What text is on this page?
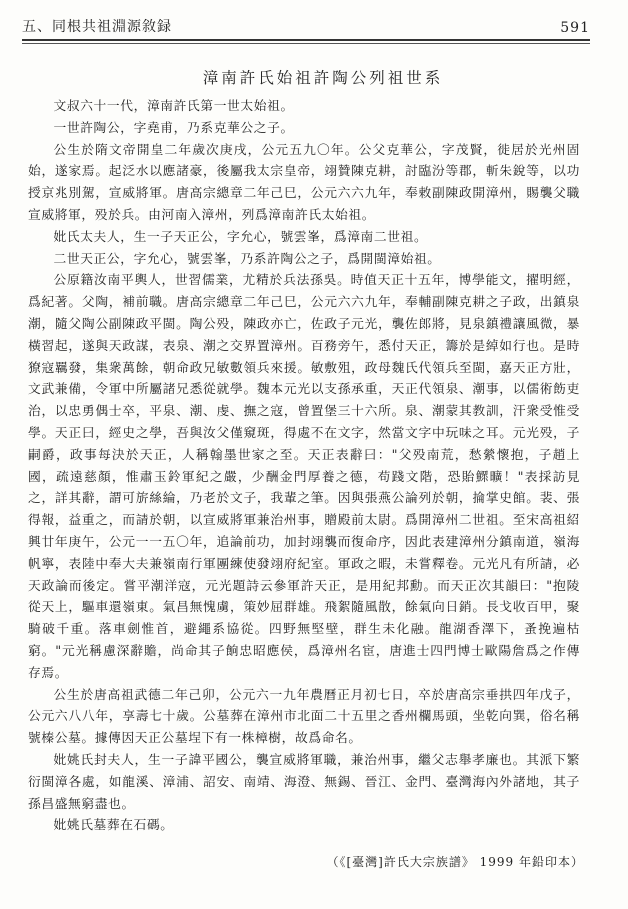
五、同根共祖淵源敘録	591
漳南許氏始祖許陶公列祖世系

文叔六十一代，漳南許氏第一世太始祖。

一世許陶公，字堯甫，乃系克華公之子。

公生於隋文帝開皇二年歲次庚戌，公元五九〇年。公父克華公，字茂賢，徙居於光州固始，遂家焉。起泛水以應諸豪，後屬我太宗皇帝，翊贊陳克耕，討臨汾等郡，斬朱銳等，以功授京兆別駕，宣威將軍。唐高宗總章二年己巳，公元六六九年，奉敕副陳政開漳州，賜襲父職宣威將軍，殁於兵。由河南入漳州，列爲漳南許氏太始祖。

妣氏太夫人，生一子天正公，字允心，號雲峯，爲漳南二世祖。

二世天正公，字允心，號雲峯，乃系許陶公之子，爲開閩漳始祖。

公原籍汝南平輿人，世習儒業，尤精於兵法孫吳。時值天正十五年，博學能文，擢明經，爲紀著。父陶，補前職。唐高宗總章二年己巳，公元六六九年，奉輔副陳克耕之子政，出鎮泉潮，隨父陶公副陳政平閩。陶公殁，陳政亦亡，佐政子元光，襲佐郎將，見泉鎮禮讓風微，暴橫習起，遂與天政謀，表泉、潮之交界置漳州。百務旁午，悉付天正，籌於是綽如行也。是時獠寇羈發，集衆萬餘，朝命政兄敏數領兵來援。敏敷殂，政母魏氏代領兵至閩，嘉天正方壯，文武兼備，令軍中所屬諸兄悉從就學。魏本元光以支孫承重，天正代領泉、潮事，以儒術飭吏治，以忠勇偶士卒，平泉、潮、虔、撫之寇，曾置堡三十六所。泉、潮蒙其教訓，汗衆受惟受學。天正曰，經史之學，吾與汝父僅窺斑，得處不在文字，然當文字中玩味之耳。元光殁，子嗣爵，政事每決於天正，人稱翰墨世家之至。天正表辭曰："父殁南荒，愁縈懷抱，子趙上國，疏遠慈顏，惟肅玉鈴軍紀之嚴，少酬金門厚養之德，苟踐文階，恐貽鰥曠！"表採訪見之，詳其辭，謂可旂絲綸，乃老於文子，我輩之筆。因與張燕公論列於朝，掄掌史館。裴、張得報，益重之，而請於朝，以宣威將軍兼治州事，贈殿前太尉。爲開漳州二世祖。至宋高祖紹興廿年庚午，公元一一五〇年，追論前功，加封翊襲而復命序，因此表建漳州分鎮南道，嶺海帆寧，表陸中奉大夫兼嶺南行軍團練使發翊府紀室。軍政之暇，未嘗釋卷。元光凡有所請，必天政論而後定。嘗平潮洋寇，元光題詩云參軍許天正，是用紀邦勳。而天正次其韻曰："抱陵從天上，驅車還嶺東。氣昌無愧虜，策妙屈群雄。飛絮隨風散，餘氣向日銷。長戈收百甲，聚騎破千重。落車劍惟首，避繩系協從。四野無堅壁，群生未化融。龍湖香澤下，蚤挽遍枯窮。"元光稱慮深辭贍，尚命其子餉忠昭應侯，爲漳州名宦，唐進士四門博士歐陽詹爲之作傳存焉。

公生於唐高祖武德二年己卯，公元六一九年農曆正月初七日，卒於唐高宗垂拱四年戊子，公元六八八年，享壽七十歲。公墓葬在漳州市北面二十五里之香州欄馬頭，坐乾向巽，俗名稱號榛公墓。據傳因天正公墓埕下有一株樟樹，故爲命名。

妣姚氏封夫人，生一子諱平國公，襲宣威將軍職，兼治州事，繼父志舉孝廉也。其派下繁衍閩漳各處，如龍溪、漳浦、詔安、南靖、海澄、無錫、晉江、金門、臺灣海內外諸地，其子孫昌盛無窮盡也。

妣姚氏墓葬在石碼。

（《[臺灣]許氏大宗族譜》 1999 年鉛印本）
